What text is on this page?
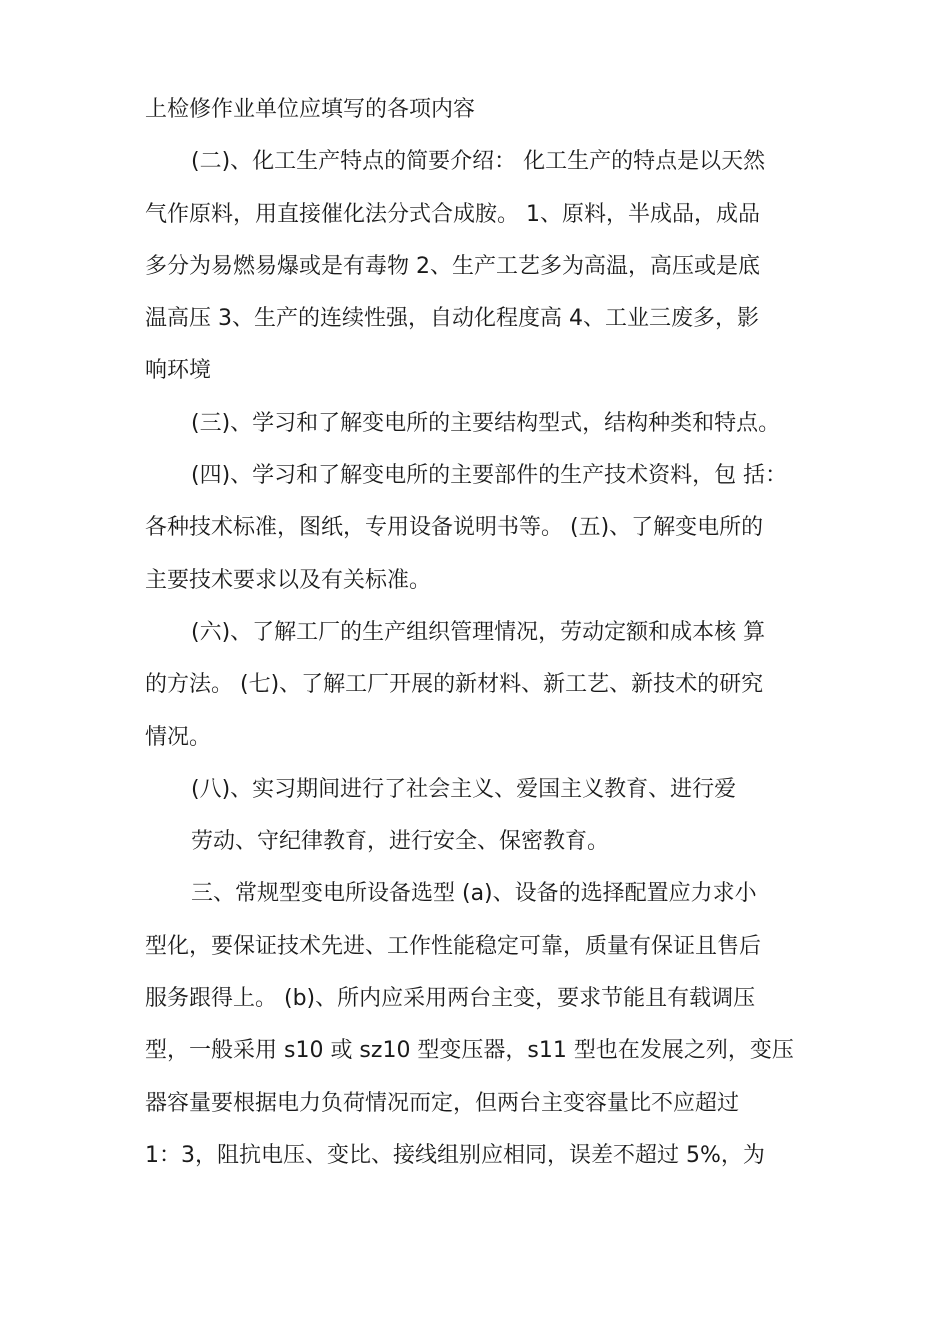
上检修作业单位应填写的各项内容
(二)、化工生产特点的简要介绍： 化工生产的特点是以天然
气作原料，用直接催化法分式合成胺。 1、原料，半成品，成品
多分为易燃易爆或是有毒物 2、生产工艺多为高温，高压或是底
温高压 3、生产的连续性强，自动化程度高 4、工业三废多，影
响环境
(三)、学习和了解变电所的主要结构型式，结构种类和特点。
(四)、学习和了解变电所的主要部件的生产技术资料，包 括：
各种技术标准，图纸，专用设备说明书等。 (五)、了解变电所的
主要技术要求以及有关标准。
(六)、了解工厂的生产组织管理情况，劳动定额和成本核 算
的方法。 (七)、了解工厂开展的新材料、新工艺、新技术的研究
情况。
(八)、实习期间进行了社会主义、爱国主义教育、进行爱
劳动、守纪律教育，进行安全、保密教育。
三、常规型变电所设备选型 (a)、设备的选择配置应力求小
型化，要保证技术先进、工作性能稳定可靠，质量有保证且售后
服务跟得上。 (b)、所内应采用两台主变，要求节能且有载调压
型，一般采用 s10 或 sz10 型变压器，s11 型也在发展之列，变压
器容量要根据电力负荷情况而定，但两台主变容量比不应超过
1：3，阻抗电压、变比、接线组别应相同，误差不超过 5%，为
